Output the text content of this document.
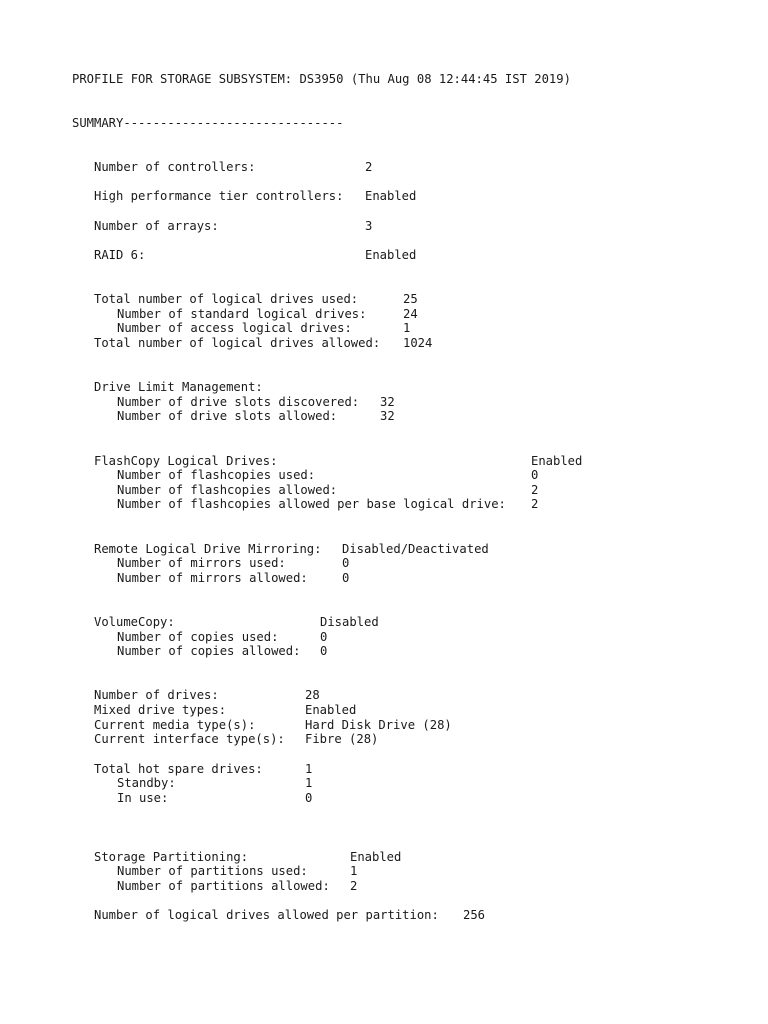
PROFILE FOR STORAGE SUBSYSTEM: DS3950 (Thu Aug 08 12:44:45 IST 2019)
SUMMARY------------------------------
Number of controllers:	2
High performance tier controllers: Enabled
Number of arrays:	3
RAID 6:	Enabled
Total number of logical drives used:	25
Number of standard logical drives:	24
Number of access logical drives:	1
Total number of logical drives allowed: 1024
Drive Limit Management:
Number of drive slots discovered: 32
Number of drive slots allowed:	32
FlashCopy Logical Drives:	Enabled
Number of flashcopies used:	0
Number of flashcopies allowed:	2
Number of flashcopies allowed per base logical drive: 2
Remote Logical Drive Mirroring: Disabled/Deactivated
Number of mirrors used:	0
Number of mirrors allowed:	0
VolumeCopy:	Disabled
Number of copies used:	0
Number of copies allowed: 0
Number of drives:	28
Mixed drive types:	Enabled
Current media type(s):	Hard Disk Drive (28)
Current interface type(s): Fibre (28)
Total hot spare drives:	1
Standby:	1
In use:	0
Storage Partitioning:	Enabled
Number of partitions used:	1
Number of partitions allowed: 2
Number of logical drives allowed per partition: 256
